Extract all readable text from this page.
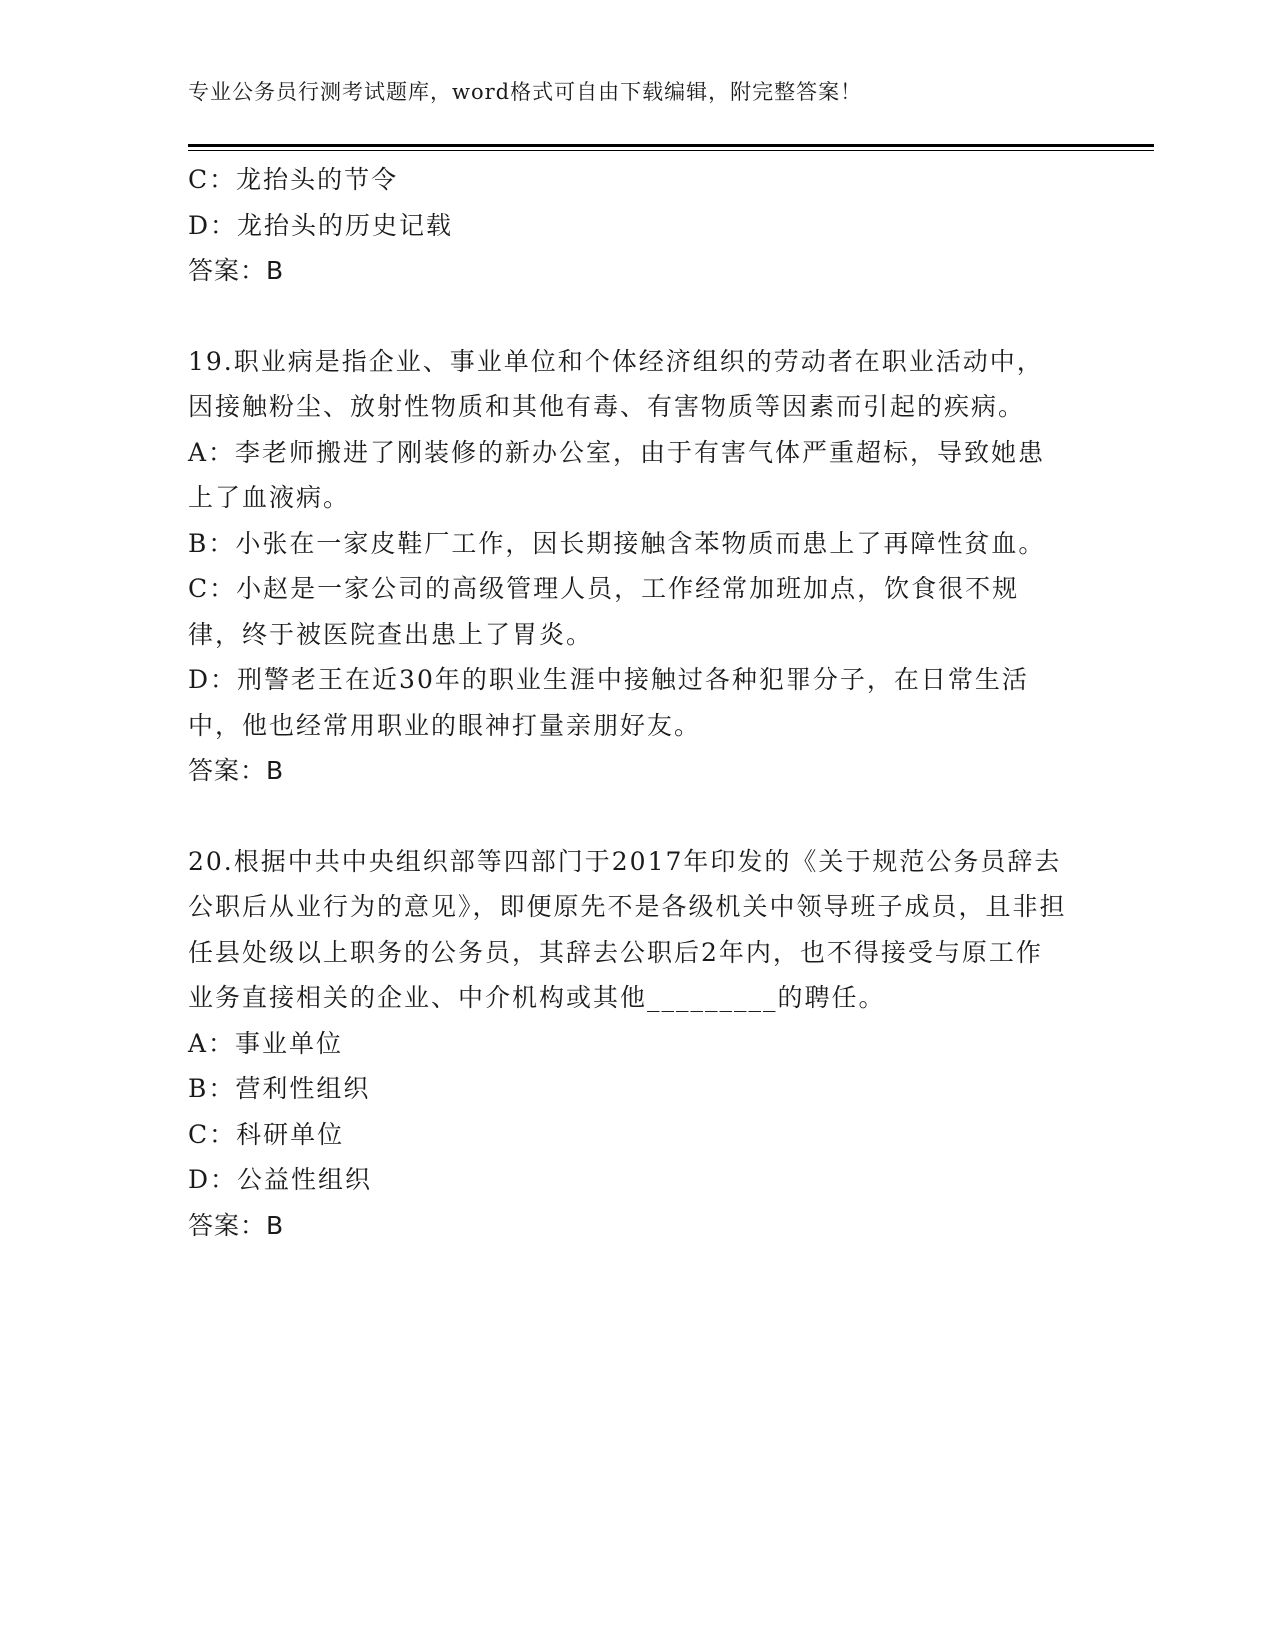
专业公务员行测考试题库，word格式可自由下载编辑，附完整答案！
C：龙抬头的节令
D：龙抬头的历史记载
答案：B
19.职业病是指企业、事业单位和个体经济组织的劳动者在职业活动中，因接触粉尘、放射性物质和其他有毒、有害物质等因素而引起的疾病。
A：李老师搬进了刚装修的新办公室，由于有害气体严重超标，导致她患上了血液病。
B：小张在一家皮鞋厂工作，因长期接触含苯物质而患上了再障性贫血。
C：小赵是一家公司的高级管理人员，工作经常加班加点，饮食很不规律，终于被医院查出患上了胃炎。
D：刑警老王在近30年的职业生涯中接触过各种犯罪分子，在日常生活中，他也经常用职业的眼神打量亲朋好友。
答案：B
20.根据中共中央组织部等四部门于2017年印发的《关于规范公务员辞去公职后从业行为的意见》，即便原先不是各级机关中领导班子成员，且非担任县处级以上职务的公务员，其辞去公职后2年内，也不得接受与原工作业务直接相关的企业、中介机构或其他_________的聘任。
A：事业单位
B：营利性组织
C：科研单位
D：公益性组织
答案：B
